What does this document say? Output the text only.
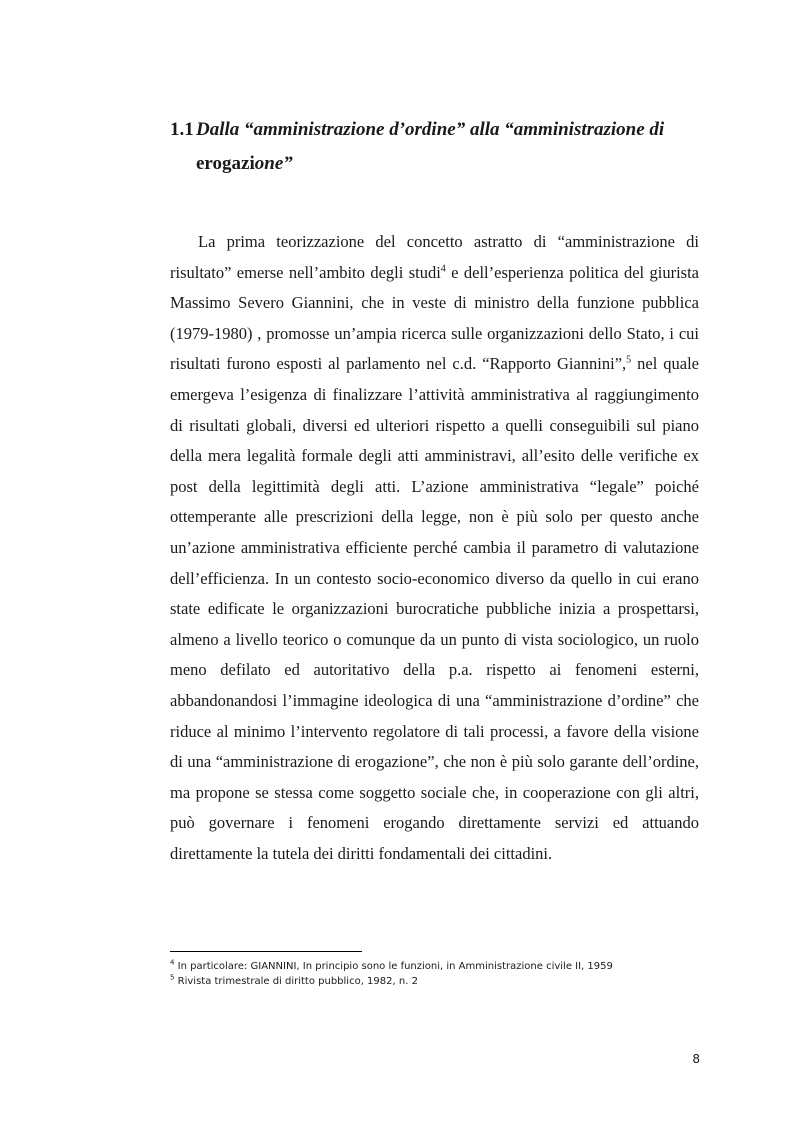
1.1 Dalla “amministrazione d’ordine” alla “amministrazione di
erogazione”

La prima teorizzazione del concetto astratto di “amministrazione di risultato” emerse nell’ambito degli studi$^4$ e dell’esperienza politica del giurista Massimo Severo Giannini, che in veste di ministro della funzione pubblica (1979-1980) , promosse un’ampia ricerca sulle organizzazioni dello Stato, i cui risultati furono esposti al parlamento nel c.d. “Rapporto Giannini”,$^5$ nel quale emergeva l’esigenza di finalizzare l’attività amministrativa al raggiungimento di risultati globali, diversi ed ulteriori rispetto a quelli conseguibili sul piano della mera legalità formale degli atti amministravi, all’esito delle verifiche ex post della legittimità degli atti. L’azione amministrativa “legale” poiché ottemperante alle prescrizioni della legge, non è più solo per questo anche un’azione amministrativa efficiente perché cambia il parametro di valutazione dell’efficienza. In un contesto socio-economico diverso da quello in cui erano state edificate le organizzazioni burocratiche pubbliche inizia a prospettarsi, almeno a livello teorico o comunque da un punto di vista sociologico, un ruolo meno defilato ed autoritativo della p.a. rispetto ai fenomeni esterni, abbandonandosi l’immagine ideologica di una “amministrazione d’ordine” che riduce al minimo l’intervento regolatore di tali processi, a favore della visione di una “amministrazione di erogazione”, che non è più solo garante dell’ordine, ma propone se stessa come soggetto sociale che, in cooperazione con gli altri, può governare i fenomeni erogando direttamente servizi ed attuando direttamente la tutela dei diritti fondamentali dei cittadini.

$^4$ In particolare: GIANNINI, In principio sono le funzioni, in Amministrazione civile II, 1959
$^5$ Rivista trimestrale di diritto pubblico, 1982, n. 2
8
